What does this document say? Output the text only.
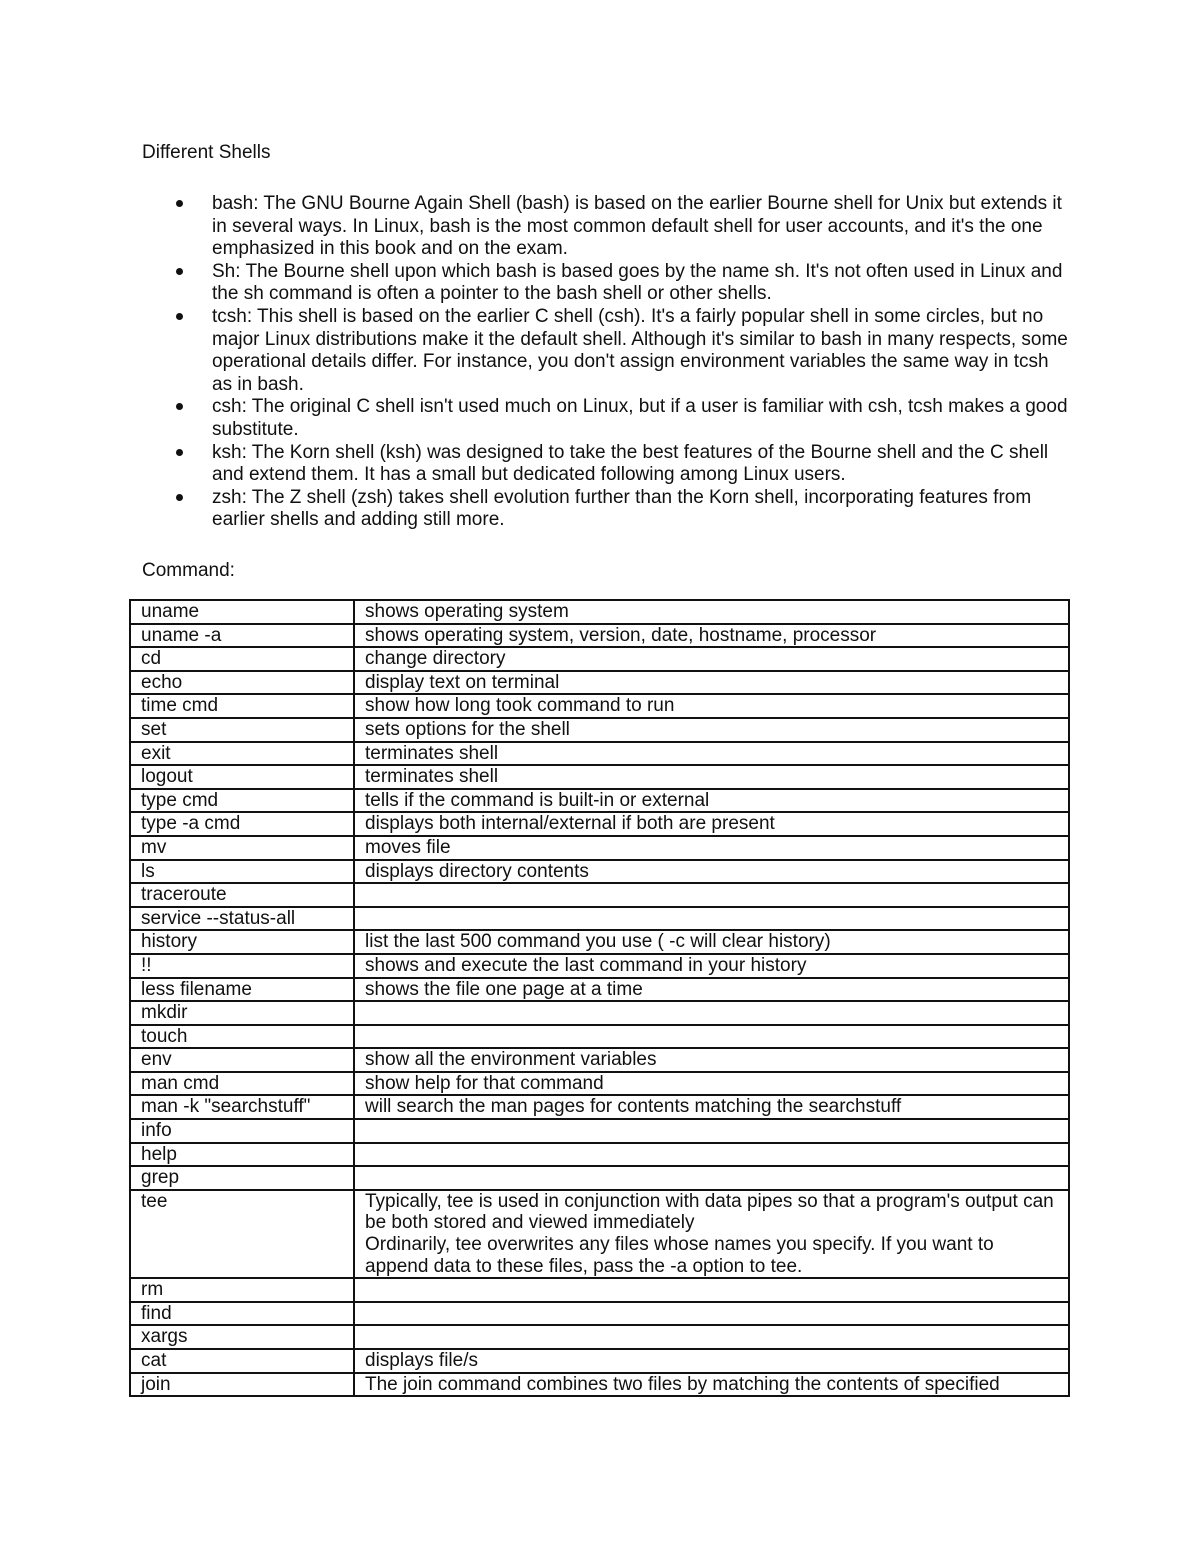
Different Shells

bash: The GNU Bourne Again Shell (bash) is based on the earlier Bourne shell for Unix but extends it in several ways. In Linux, bash is the most common default shell for user accounts, and it's the one emphasized in this book and on the exam.
Sh: The Bourne shell upon which bash is based goes by the name sh. It's not often used in Linux and the sh command is often a pointer to the bash shell or other shells.
tcsh: This shell is based on the earlier C shell (csh). It's a fairly popular shell in some circles, but no major Linux distributions make it the default shell. Although it's similar to bash in many respects, some operational details differ. For instance, you don't assign environment variables the same way in tcsh as in bash.
csh: The original C shell isn't used much on Linux, but if a user is familiar with csh, tcsh makes a good substitute.
ksh: The Korn shell (ksh) was designed to take the best features of the Bourne shell and the C shell and extend them. It has a small but dedicated following among Linux users.
zsh: The Z shell (zsh) takes shell evolution further than the Korn shell, incorporating features from earlier shells and adding still more.

Command:

uname	shows operating system
uname -a	shows operating system, version, date, hostname, processor
cd	change directory
echo	display text on terminal
time cmd	show how long took command to run
set	sets options for the shell
exit	terminates shell
logout	terminates shell
type cmd	tells if the command is built-in or external
type -a cmd	displays both internal/external if both are present
mv	moves file
ls	displays directory contents
traceroute	
service --status-all	
history	list the last 500 command you use ( -c will clear history)
!!	shows and execute the last command in your history
less filename	shows the file one page at a time
mkdir	
touch	
env	show all the environment variables
man cmd	show help for that command
man -k "searchstuff"	will search the man pages for contents matching the searchstuff
info	
help	
grep	
tee	Typically, tee is used in conjunction with data pipes so that a program's output can be both stored and viewed immediately
Ordinarily, tee overwrites any files whose names you specify. If you want to append data to these files, pass the -a option to tee.

rm	
find	
xargs	
cat	displays file/s
join	The join command combines two files by matching the contents of specified
